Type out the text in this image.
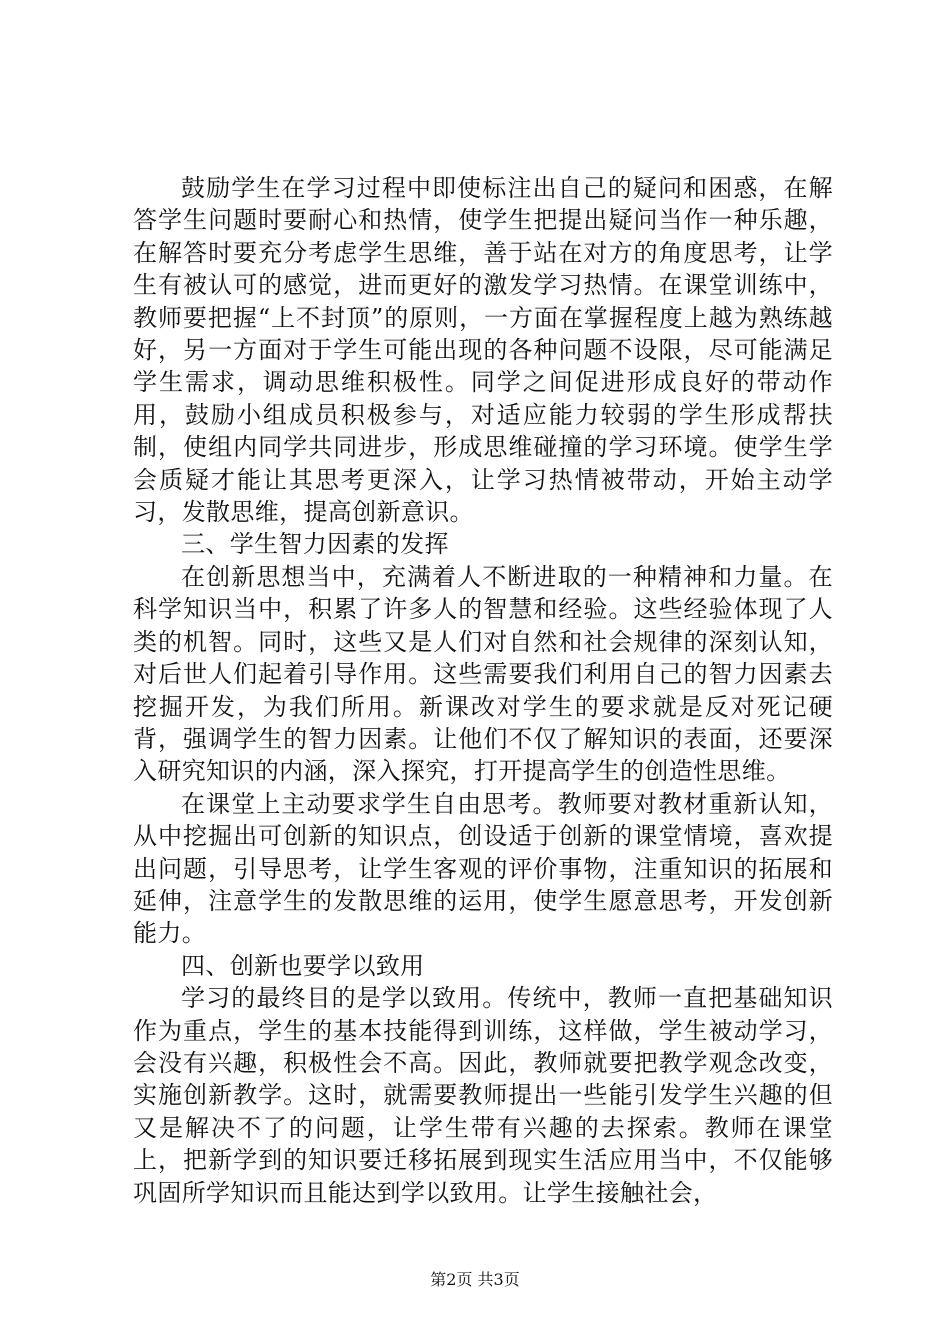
鼓励学生在学习过程中即使标注出自己的疑问和困惑，在解答学生问题时要耐心和热情，使学生把提出疑问当作一种乐趣，在解答时要充分考虑学生思维，善于站在对方的角度思考，让学生有被认可的感觉，进而更好的激发学习热情。在课堂训练中，教师要把握“上不封顶”的原则，一方面在掌握程度上越为熟练越好，另一方面对于学生可能出现的各种问题不设限，尽可能满足学生需求，调动思维积极性。同学之间促进形成良好的带动作用，鼓励小组成员积极参与，对适应能力较弱的学生形成帮扶制，使组内同学共同进步，形成思维碰撞的学习环境。使学生学会质疑才能让其思考更深入，让学习热情被带动，开始主动学习，发散思维，提高创新意识。

三、学生智力因素的发挥

在创新思想当中，充满着人不断进取的一种精神和力量。在科学知识当中，积累了许多人的智慧和经验。这些经验体现了人类的机智。同时，这些又是人们对自然和社会规律的深刻认知，对后世人们起着引导作用。这些需要我们利用自己的智力因素去挖掘开发，为我们所用。新课改对学生的要求就是反对死记硬背，强调学生的智力因素。让他们不仅了解知识的表面，还要深入研究知识的内涵，深入探究，打开提高学生的创造性思维。

在课堂上主动要求学生自由思考。教师要对教材重新认知，从中挖掘出可创新的知识点，创设适于创新的课堂情境，喜欢提出问题，引导思考，让学生客观的评价事物，注重知识的拓展和延伸，注意学生的发散思维的运用，使学生愿意思考，开发创新能力。

四、创新也要学以致用

学习的最终目的是学以致用。传统中，教师一直把基础知识作为重点，学生的基本技能得到训练，这样做，学生被动学习，会没有兴趣，积极性会不高。因此，教师就要把教学观念改变，实施创新教学。这时，就需要教师提出一些能引发学生兴趣的但又是解决不了的问题，让学生带有兴趣的去探索。教师在课堂上，把新学到的知识要迁移拓展到现实生活应用当中，不仅能够巩固所学知识而且能达到学以致用。让学生接触社会，

第2页 共3页
